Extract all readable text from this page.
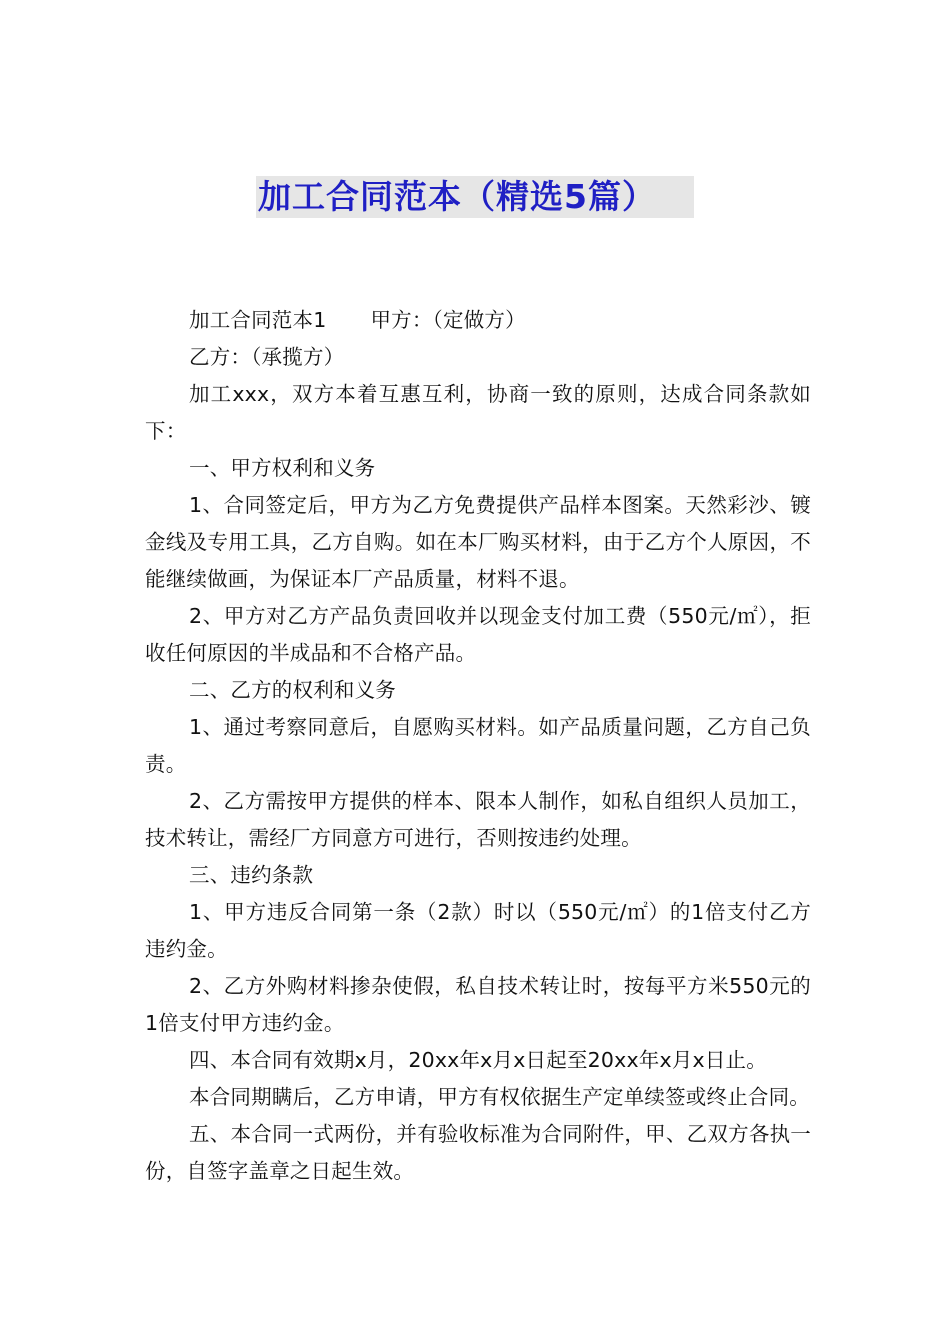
加工合同范本（精选5篇）

加工合同范本1 甲方：（定做方）

乙方：（承揽方）

加工xxx，双方本着互惠互利，协商一致的原则，达成合同条款如下：

一、甲方权利和义务

1、合同签定后，甲方为乙方免费提供产品样本图案。天然彩沙、镀金线及专用工具，乙方自购。如在本厂购买材料，由于乙方个人原因，不能继续做画，为保证本厂产品质量，材料不退。

2、甲方对乙方产品负责回收并以现金支付加工费（550元/㎡），拒收任何原因的半成品和不合格产品。

二、乙方的权利和义务

1、通过考察同意后，自愿购买材料。如产品质量问题，乙方自己负责。

2、乙方需按甲方提供的样本、限本人制作，如私自组织人员加工，技术转让，需经厂方同意方可进行，否则按违约处理。

三、违约条款

1、甲方违反合同第一条（2款）时以（550元/㎡）的1倍支付乙方违约金。

2、乙方外购材料掺杂使假，私自技术转让时，按每平方米550元的1倍支付甲方违约金。

四、本合同有效期x月，20xx年x月x日起至20xx年x月x日止。

本合同期瞒后，乙方申请，甲方有权依据生产定单续签或终止合同。

五、本合同一式两份，并有验收标准为合同附件，甲、乙双方各执一份，自签字盖章之日起生效。
